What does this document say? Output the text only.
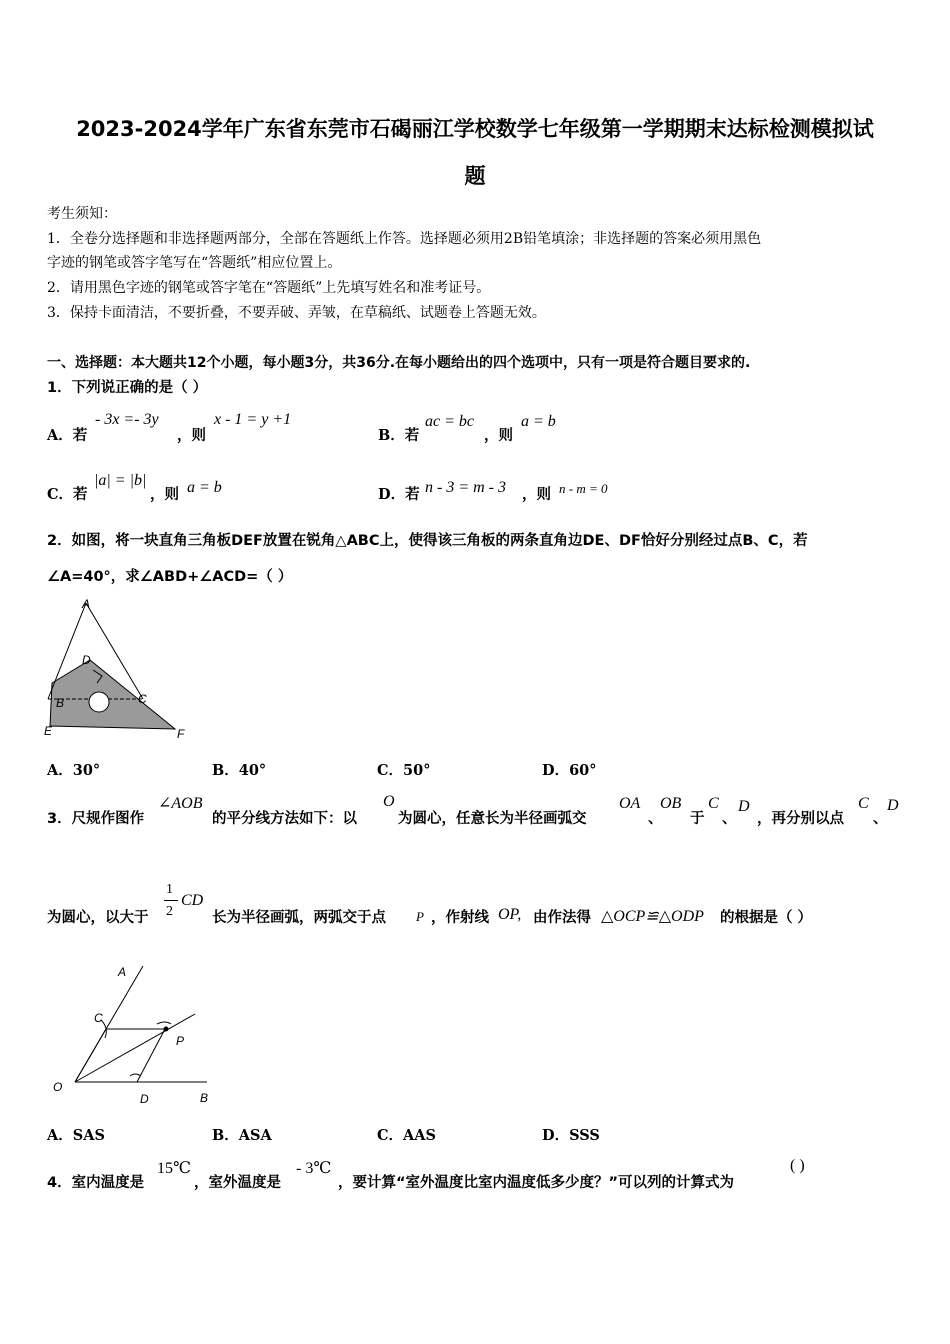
2023-2024学年广东省东莞市石碣丽江学校数学七年级第一学期期末达标检测模拟试
题
考生须知：
1．全卷分选择题和非选择题两部分，全部在答题纸上作答。选择题必须用2B铅笔填涂；非选择题的答案必须用黑色
字迹的钢笔或答字笔写在“答题纸”相应位置上。
2．请用黑色字迹的钢笔或答字笔在“答题纸”上先填写姓名和准考证号。
3．保持卡面清洁，不要折叠，不要弄破、弄皱，在草稿纸、试题卷上答题无效。
一、选择题：本大题共12个小题，每小题3分，共36分.在每小题给出的四个选项中，只有一项是符合题目要求的.
1．下列说正确的是（ ）
A．若
- 3x =- 3y
，则
x - 1 = y +1
B．若
ac = bc
，则
a = b
C．若
|a| = |b|
，则 a = b	D．若 n - 3 = m - 3 ，则 n - m = 0
2．如图，将一块直角三角板DEF放置在锐角△ABC上，使得该三角板的两条直角边DE、DF恰好分别经过点B、C，若
∠A=40°，求∠ABD+∠ACD=（ ）
A
D
B	C
E	F
A．30°	B．40°	C．50°	D．60°
3．尺规作图作
∠AOB
的平分线方法如下：以
O
为圆心，任意长为半径画弧交
OA
、
OB
于
C
、
D
，再分别以点
C
、
D
为圆心，以大于
1
2
CD
长为半径画弧，两弧交于点 P ，作射线 OP, 由作法得 △OCP≌△ODP 的根据是（ ）
A
C
P
O
D	B
A．SAS	B．ASA	C．AAS	D．SSS
4．室内温度是
15℃
，室外温度是
- 3℃
，要计算“室外温度比室内温度低多少度？”可以列的计算式为
( )
